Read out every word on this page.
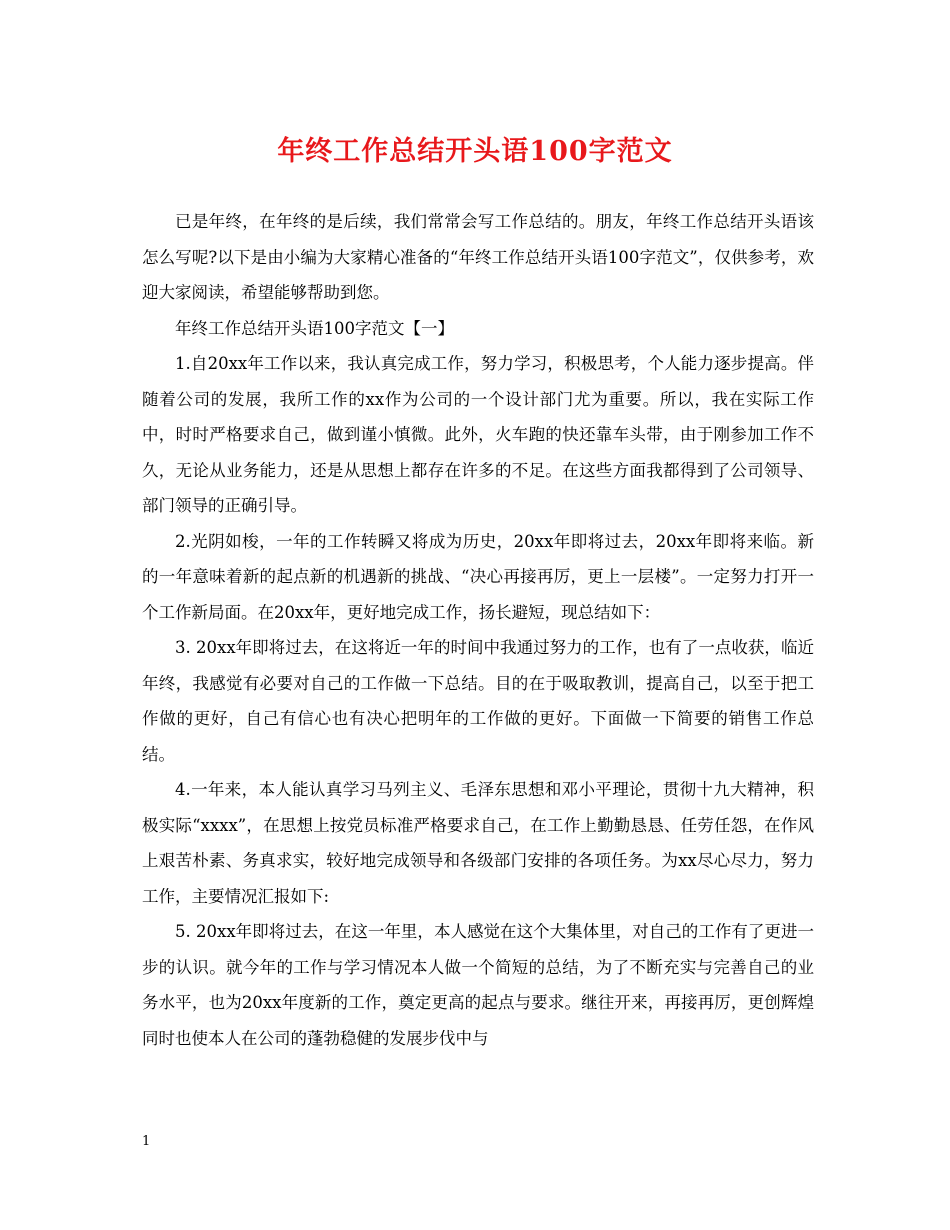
年终工作总结开头语100字范文

已是年终，在年终的是后续，我们常常会写工作总结的。朋友，年终工作总结开头语该怎么写呢?以下是由小编为大家精心准备的“年终工作总结开头语100字范文”，仅供参考，欢迎大家阅读，希望能够帮助到您。

年终工作总结开头语100字范文【一】

1.自20xx年工作以来，我认真完成工作，努力学习，积极思考，个人能力逐步提高。伴随着公司的发展，我所工作的xx作为公司的一个设计部门尤为重要。所以，我在实际工作中，时时严格要求自己，做到谨小慎微。此外，火车跑的快还靠车头带，由于刚参加工作不久，无论从业务能力，还是从思想上都存在许多的不足。在这些方面我都得到了公司领导、部门领导的正确引导。

2.光阴如梭，一年的工作转瞬又将成为历史，20xx年即将过去，20xx年即将来临。新的一年意味着新的起点新的机遇新的挑战、“决心再接再厉，更上一层楼”。一定努力打开一个工作新局面。在20xx年，更好地完成工作，扬长避短，现总结如下：

3. 20xx年即将过去，在这将近一年的时间中我通过努力的工作，也有了一点收获，临近年终，我感觉有必要对自己的工作做一下总结。目的在于吸取教训，提高自己，以至于把工作做的更好，自己有信心也有决心把明年的工作做的更好。下面做一下简要的销售工作总结。

4.一年来，本人能认真学习马列主义、毛泽东思想和邓小平理论，贯彻十九大精神，积极实际“xxxx”，在思想上按党员标准严格要求自己，在工作上勤勤恳恳、任劳任怨，在作风上艰苦朴素、务真求实，较好地完成领导和各级部门安排的各项任务。为xx尽心尽力，努力工作，主要情况汇报如下:

5. 20xx年即将过去，在这一年里，本人感觉在这个大集体里，对自己的工作有了更进一步的认识。就今年的工作与学习情况本人做一个简短的总结，为了不断充实与完善自己的业务水平，也为20xx年度新的工作，奠定更高的起点与要求。继往开来，再接再厉，更创辉煌同时也使本人在公司的蓬勃稳健的发展步伐中与

1
